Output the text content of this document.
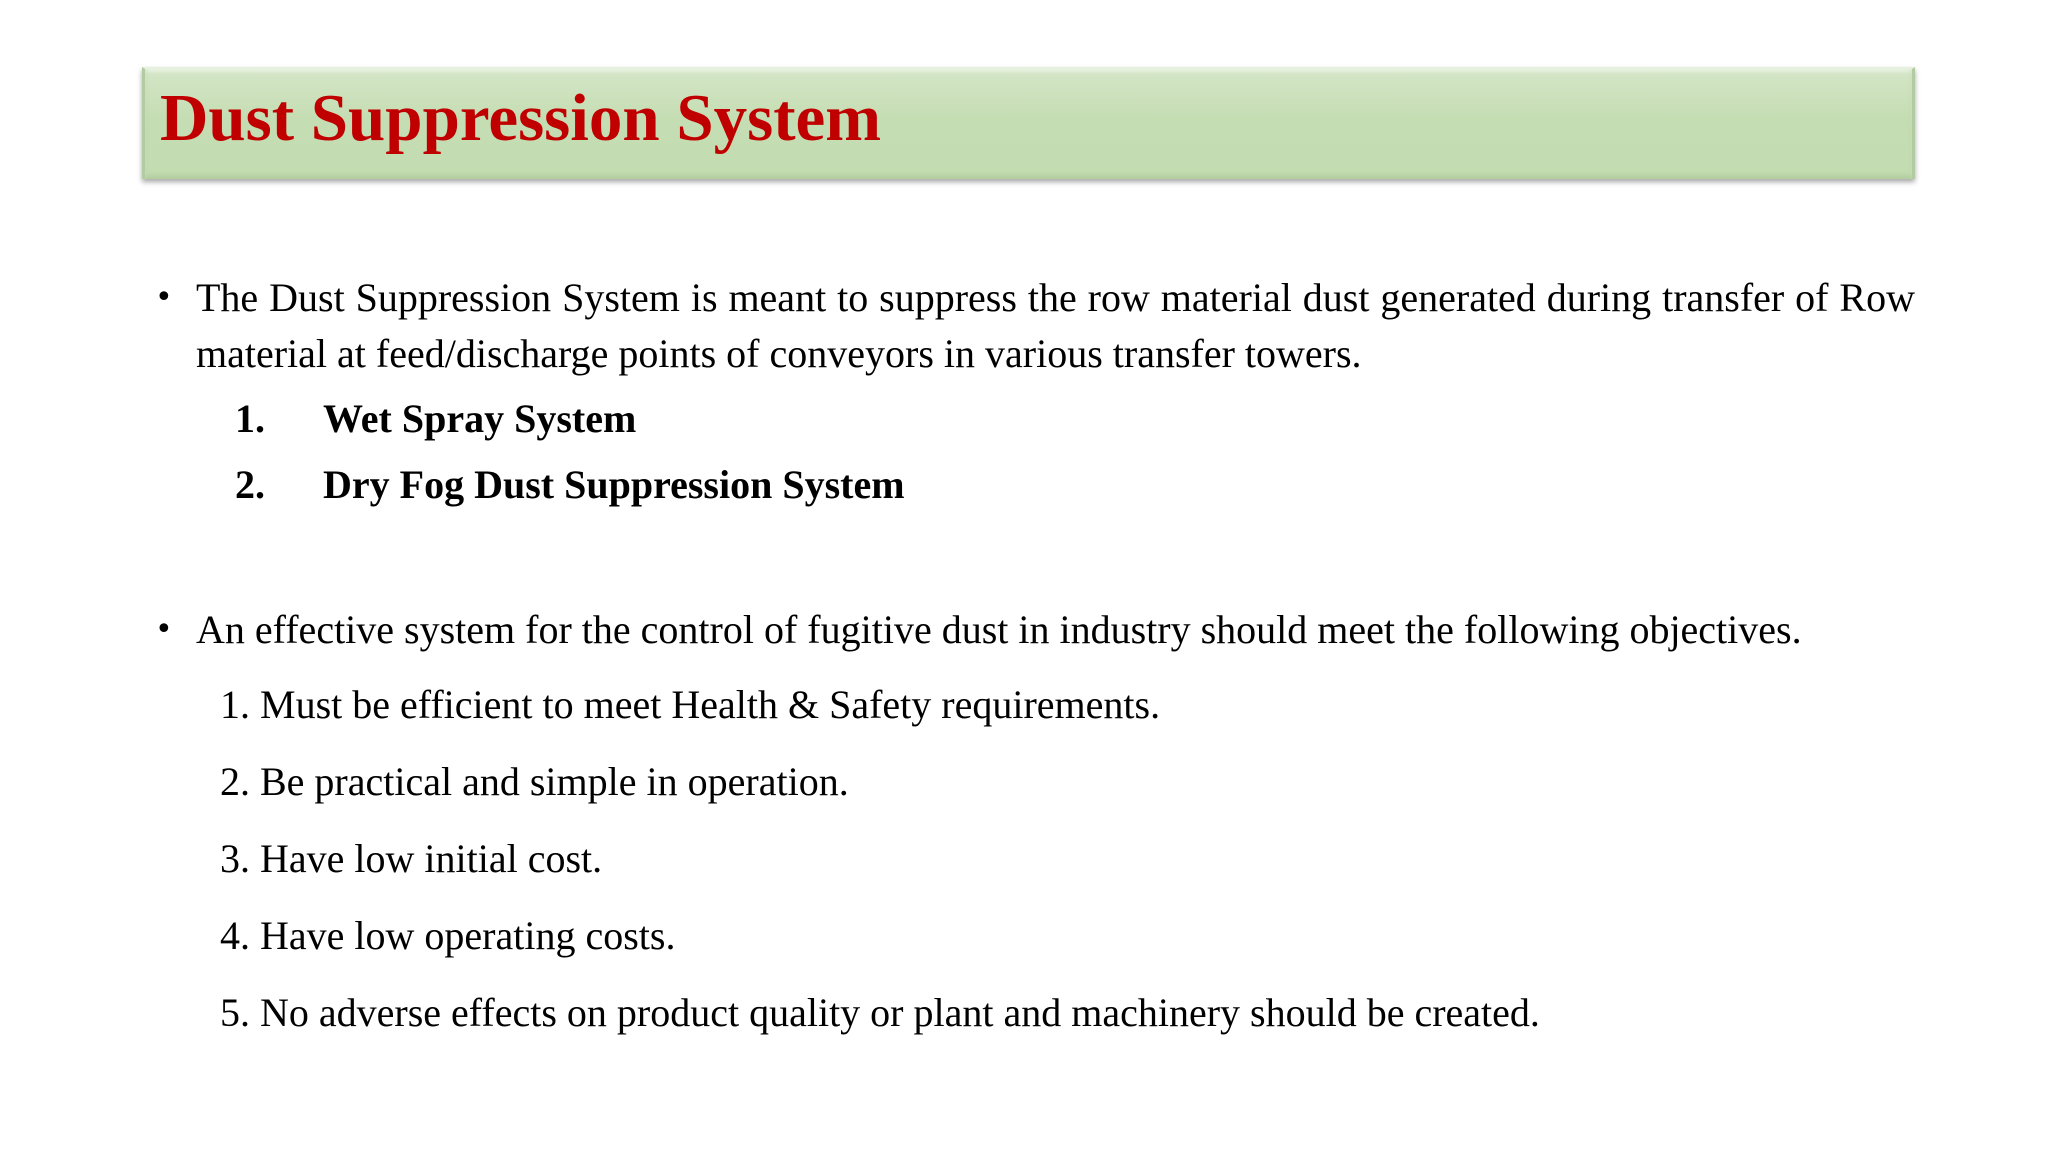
Dust Suppression System
• The Dust Suppression System is meant to suppress the row material dust generated during transfer of Row material at feed/discharge points of conveyors in various transfer towers.
1. Wet Spray System
2. Dry Fog Dust Suppression System
• An effective system for the control of fugitive dust in industry should meet the following objectives.
1. Must be efficient to meet Health & Safety requirements.
2. Be practical and simple in operation.
3. Have low initial cost.
4. Have low operating costs.
5. No adverse effects on product quality or plant and machinery should be created.
